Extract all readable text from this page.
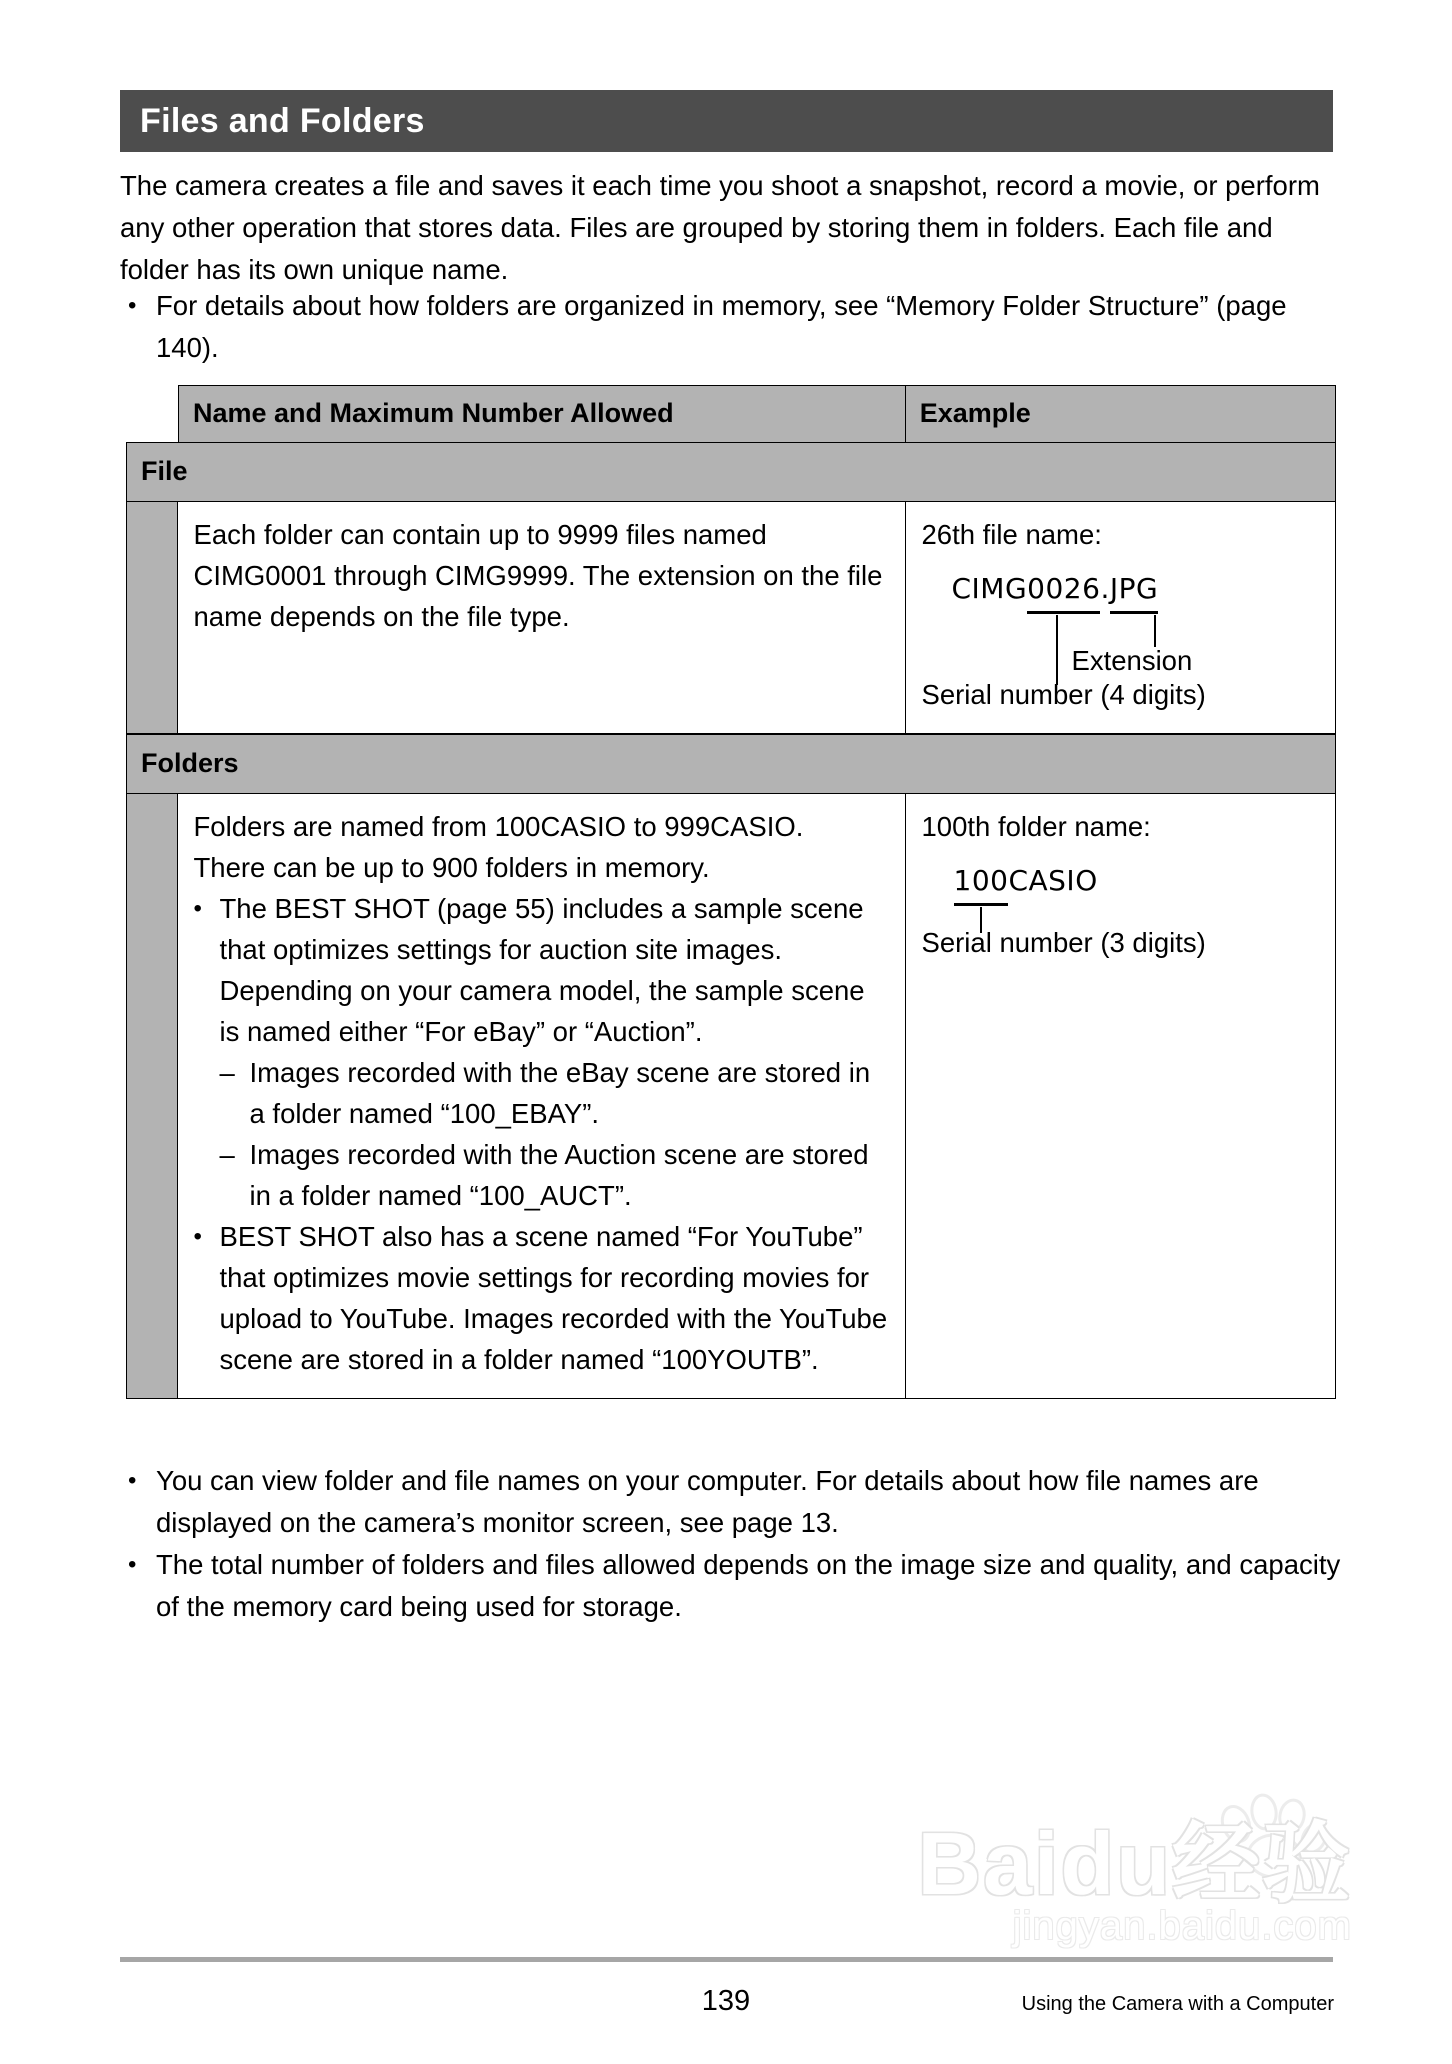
Files and Folders
The camera creates a file and saves it each time you shoot a snapshot, record a movie, or perform any other operation that stores data. Files are grouped by storing them in folders. Each file and folder has its own unique name.
• For details about how folders are organized in memory, see “Memory Folder Structure” (page 140).
Name and Maximum Number Allowed	Example
File
Each folder can contain up to 9999 files named CIMG0001 through CIMG9999. The extension on the file name depends on the file type.
26th file name:
CIMG0026.JPG
Extension
Serial number (4 digits)
Folders
Folders are named from 100CASIO to 999CASIO.
There can be up to 900 folders in memory.
• The BEST SHOT (page 55) includes a sample scene that optimizes settings for auction site images. Depending on your camera model, the sample scene is named either “For eBay” or “Auction”.
– Images recorded with the eBay scene are stored in a folder named “100_EBAY”.
– Images recorded with the Auction scene are stored in a folder named “100_AUCT”.
• BEST SHOT also has a scene named “For YouTube” that optimizes movie settings for recording movies for upload to YouTube. Images recorded with the YouTube scene are stored in a folder named “100YOUTB”.
100th folder name:
100CASIO
Serial number (3 digits)
• You can view folder and file names on your computer. For details about how file names are displayed on the camera’s monitor screen, see page 13.
• The total number of folders and files allowed depends on the image size and quality, and capacity of the memory card being used for storage.
Baidu经验
jingyan.baidu.com
139	Using the Camera with a Computer
